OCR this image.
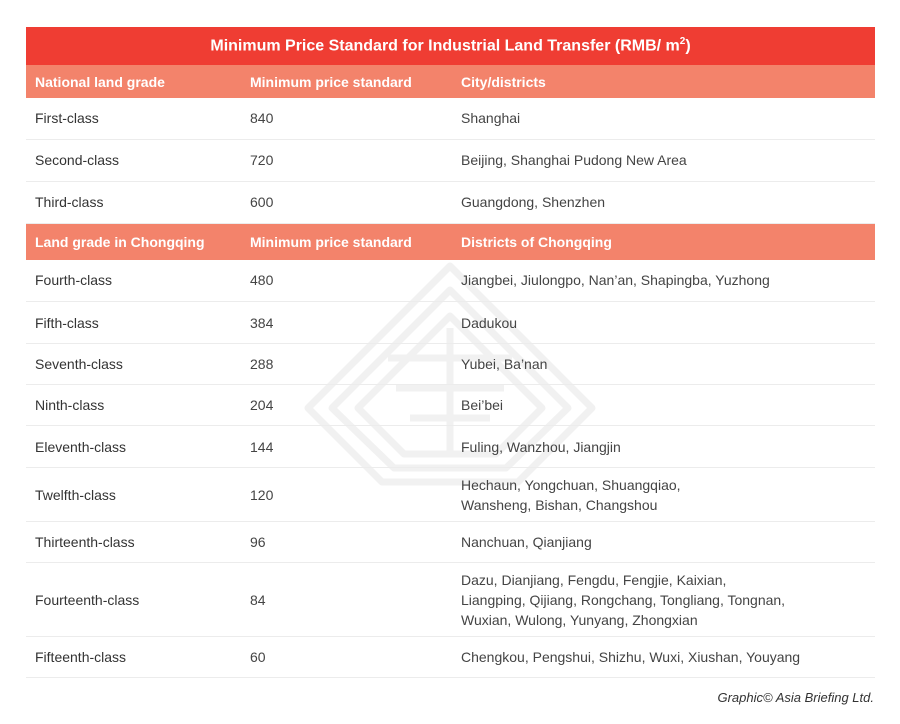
Minimum Price Standard for Industrial Land Transfer (RMB/ $m^2$)		
National land grade	Minimum price standard	City/districts
First-class	840	Shanghai

Second-class	720	Beijing, Shanghai Pudong New Area

Third-class	600	Guangdong, Shenzhen

Land grade in Chongqing	Minimum price standard	Districts of Chongqing
Fourth-class	480	Jiangbei, Jiulongpo, Nan’an, Shapingba, Yuzhong

Fifth-class	384	Dadukou

Seventh-class	288	Yubei, Ba’nan

Ninth-class	204	Bei’bei

Eleventh-class	144	Fuling, Wanzhou, Jiangjin

Twelfth-class	120	Hechaun, Yongchuan, Shuangqiao,
Wansheng, Bishan, Changshou

Thirteenth-class	96	Nanchuan, Qianjiang

Fourteenth-class	84	Dazu, Dianjiang, Fengdu, Fengjie, Kaixian,
Liangping, Qijiang, Rongchang, Tongliang, Tongnan,
Wuxian, Wulong, Yunyang, Zhongxian

Fifteenth-class	60	Chengkou, Pengshui, Shizhu, Wuxi, Xiushan, Youyang
Graphic© Asia Briefing Ltd.
